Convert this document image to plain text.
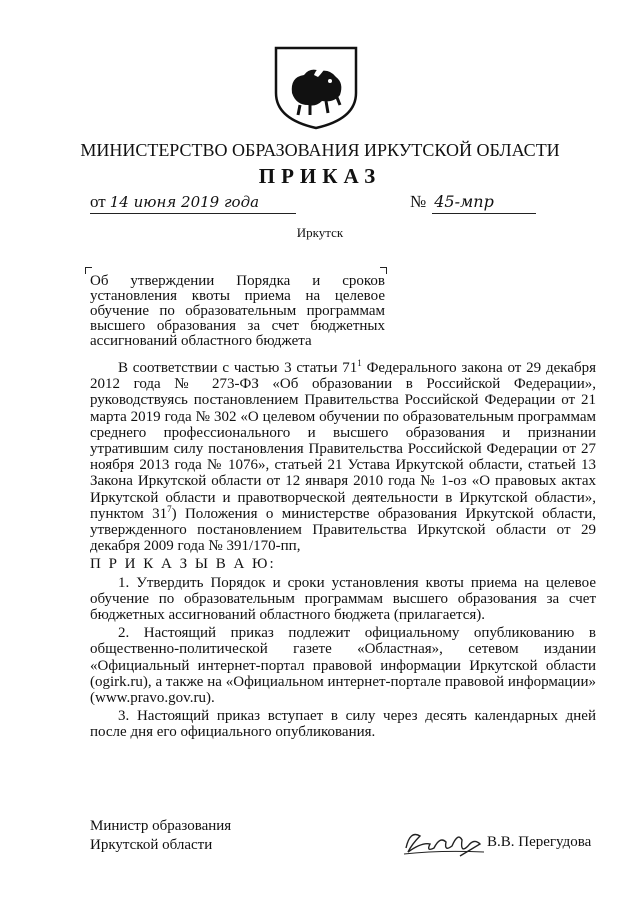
МИНИСТЕРСТВО ОБРАЗОВАНИЯ ИРКУТСКОЙ ОБЛАСТИ
ПРИКАЗ
от 14 июня 2019 года	№ 45-мпр
Иркутск
Об утверждении Порядка и сроков установления квоты приема на целевое обучение по образовательным программам высшего образования за счет бюджетных ассигнований областного бюджета

В соответствии с частью 3 статьи $71^1$ Федерального закона от 29 декабря 2012 года № 273-ФЗ «Об образовании в Российской Федерации», руководствуясь постановлением Правительства Российской Федерации от 21 марта 2019 года № 302 «О целевом обучении по образовательным программам среднего профессионального и высшего образования и признании утратившим силу постановления Правительства Российской Федерации от 27 ноября 2013 года № 1076», статьей 21 Устава Иркутской области, статьей 13 Закона Иркутской области от 12 января 2010 года № 1-оз «О правовых актах Иркутской области и правотворческой деятельности в Иркутской области», пунктом $31^7$) Положения о министерстве образования Иркутской области, утвержденного постановлением Правительства Иркутской области от 29 декабря 2009 года № 391/170-пп,

П Р И К А З Ы В А Ю:

1. Утвердить Порядок и сроки установления квоты приема на целевое обучение по образовательным программам высшего образования за счет бюджетных ассигнований областного бюджета (прилагается).

2. Настоящий приказ подлежит официальному опубликованию в общественно-политической газете «Областная», сетевом издании «Официальный интернет-портал правовой информации Иркутской области (ogirk.ru), а также на «Официальном интернет-портале правовой информации» (www.pravo.gov.ru).

3. Настоящий приказ вступает в силу через десять календарных дней после дня его официального опубликования.

Министр образования
Иркутской области	В.В. Перегудова
